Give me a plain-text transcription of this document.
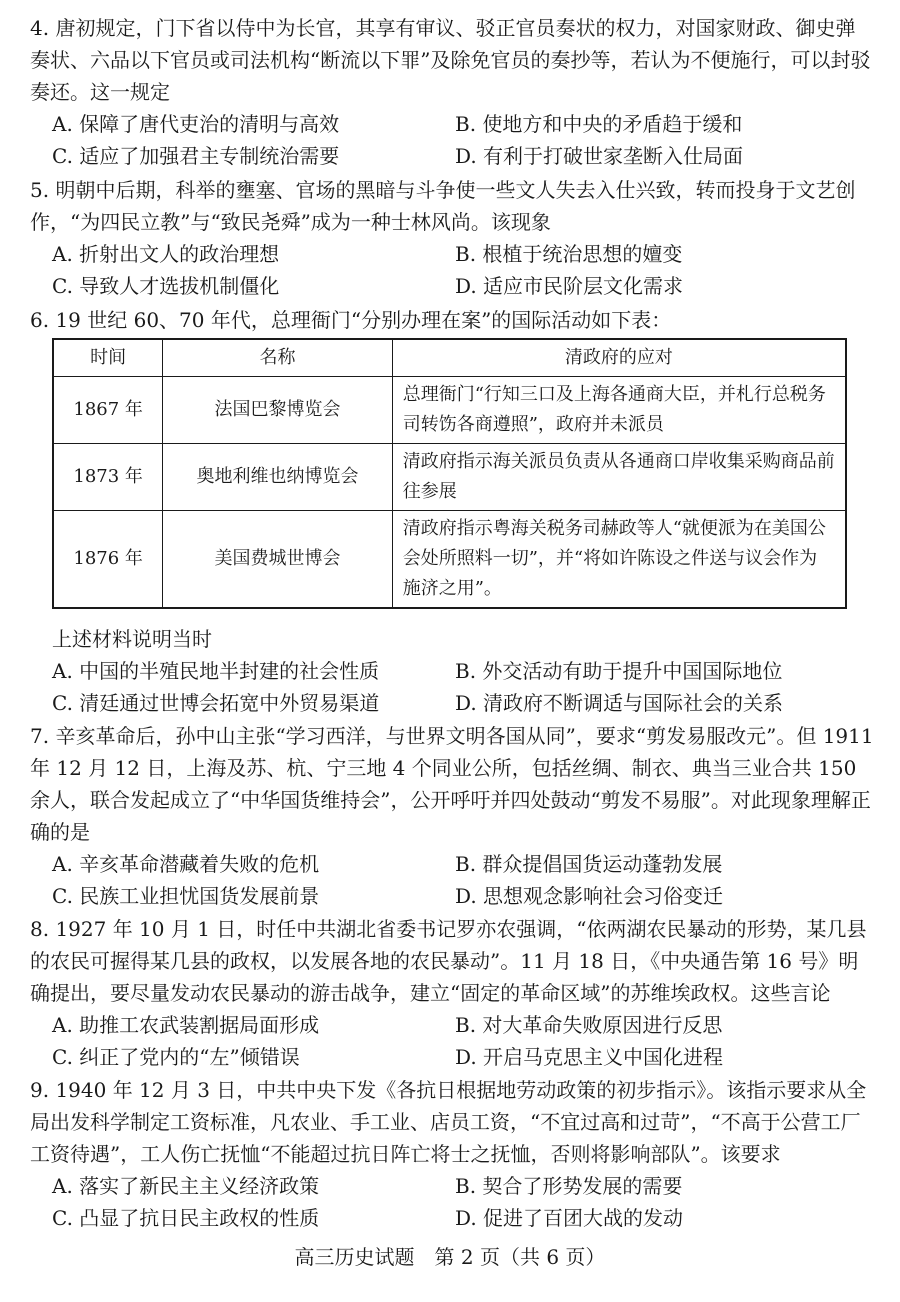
4. 唐初规定，门下省以侍中为长官，其享有审议、驳正官员奏状的权力，对国家财政、御史弹奏状、六品以下官员或司法机构“断流以下罪”及除免官员的奏抄等，若认为不便施行，可以封驳奏还。这一规定

A. 保障了唐代吏治的清明与高效	B. 使地方和中央的矛盾趋于缓和
C. 适应了加强君主专制统治需要	D. 有利于打破世家垄断入仕局面

5. 明朝中后期，科举的壅塞、官场的黑暗与斗争使一些文人失去入仕兴致，转而投身于文艺创作，“为四民立教”与“致民尧舜”成为一种士林风尚。该现象

A. 折射出文人的政治理想	B. 根植于统治思想的嬗变
C. 导致人才选拔机制僵化	D. 适应市民阶层文化需求

6. 19 世纪 60、70 年代，总理衙门“分别办理在案”的国际活动如下表：

时间	名称	清政府的应对
1867 年	法国巴黎博览会	总理衙门“行知三口及上海各通商大臣，并札行总税务司转饬各商遵照”，政府并未派员
1873 年	奥地利维也纳博览会	清政府指示海关派员负责从各通商口岸收集采购商品前往参展
1876 年	美国费城世博会	清政府指示粤海关税务司赫政等人“就便派为在美国公会处所照料一切”，并“将如许陈设之件送与议会作为施济之用”。
上述材料说明当时
A. 中国的半殖民地半封建的社会性质	B. 外交活动有助于提升中国国际地位
C. 清廷通过世博会拓宽中外贸易渠道	D. 清政府不断调适与国际社会的关系

7. 辛亥革命后，孙中山主张“学习西洋，与世界文明各国从同”，要求“剪发易服改元”。但 1911 年 12 月 12 日，上海及苏、杭、宁三地 4 个同业公所，包括丝绸、制衣、典当三业合共 150 余人，联合发起成立了“中华国货维持会”，公开呼吁并四处鼓动“剪发不易服”。对此现象理解正确的是

A. 辛亥革命潜藏着失败的危机	B. 群众提倡国货运动蓬勃发展
C. 民族工业担忧国货发展前景	D. 思想观念影响社会习俗变迁

8. 1927 年 10 月 1 日，时任中共湖北省委书记罗亦农强调，“依两湖农民暴动的形势，某几县的农民可握得某几县的政权，以发展各地的农民暴动”。11 月 18 日，《中央通告第 16 号》明确提出，要尽量发动农民暴动的游击战争，建立“固定的革命区域”的苏维埃政权。这些言论

A. 助推工农武装割据局面形成	B. 对大革命失败原因进行反思
C. 纠正了党内的“左”倾错误	D. 开启马克思主义中国化进程

9. 1940 年 12 月 3 日，中共中央下发《各抗日根据地劳动政策的初步指示》。该指示要求从全局出发科学制定工资标准，凡农业、手工业、店员工资，“不宜过高和过苛”，“不高于公营工厂工资待遇”，工人伤亡抚恤“不能超过抗日阵亡将士之抚恤，否则将影响部队”。该要求

A. 落实了新民主主义经济政策	B. 契合了形势发展的需要
C. 凸显了抗日民主政权的性质	D. 促进了百团大战的发动

高三历史试题　第 2 页（共 6 页）
